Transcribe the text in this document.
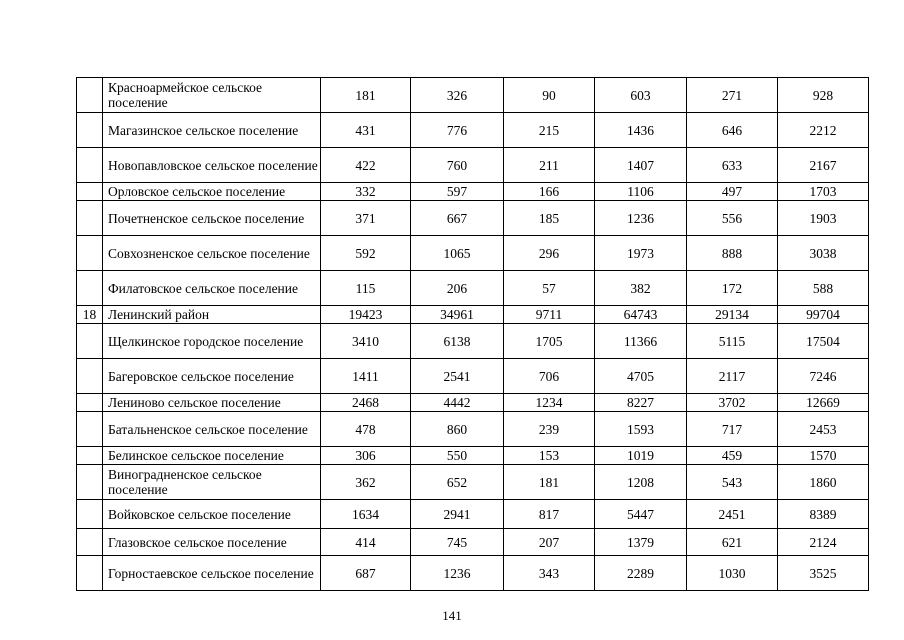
	Красноармейское сельское поселение	181	326	90	603	271	928
	Магазинское сельское поселение	431	776	215	1436	646	2212
	Новопавловское сельское поселение	422	760	211	1407	633	2167
	Орловское сельское поселение	332	597	166	1106	497	1703
	Почетненское сельское поселение	371	667	185	1236	556	1903
	Совхозненское сельское поселение	592	1065	296	1973	888	3038
	Филатовское сельское поселение	115	206	57	382	172	588
18	Ленинский район	19423	34961	9711	64743	29134	99704
	Щелкинское городское поселение	3410	6138	1705	11366	5115	17504
	Багеровское сельское поселение	1411	2541	706	4705	2117	7246
	Лениново сельское поселение	2468	4442	1234	8227	3702	12669
	Батальненское сельское поселение	478	860	239	1593	717	2453
	Белинское сельское поселение	306	550	153	1019	459	1570
	Виноградненское сельское поселение	362	652	181	1208	543	1860
	Войковское сельское поселение	1634	2941	817	5447	2451	8389
	Глазовское сельское поселение	414	745	207	1379	621	2124
	Горностаевское сельское поселение	687	1236	343	2289	1030	3525
141
